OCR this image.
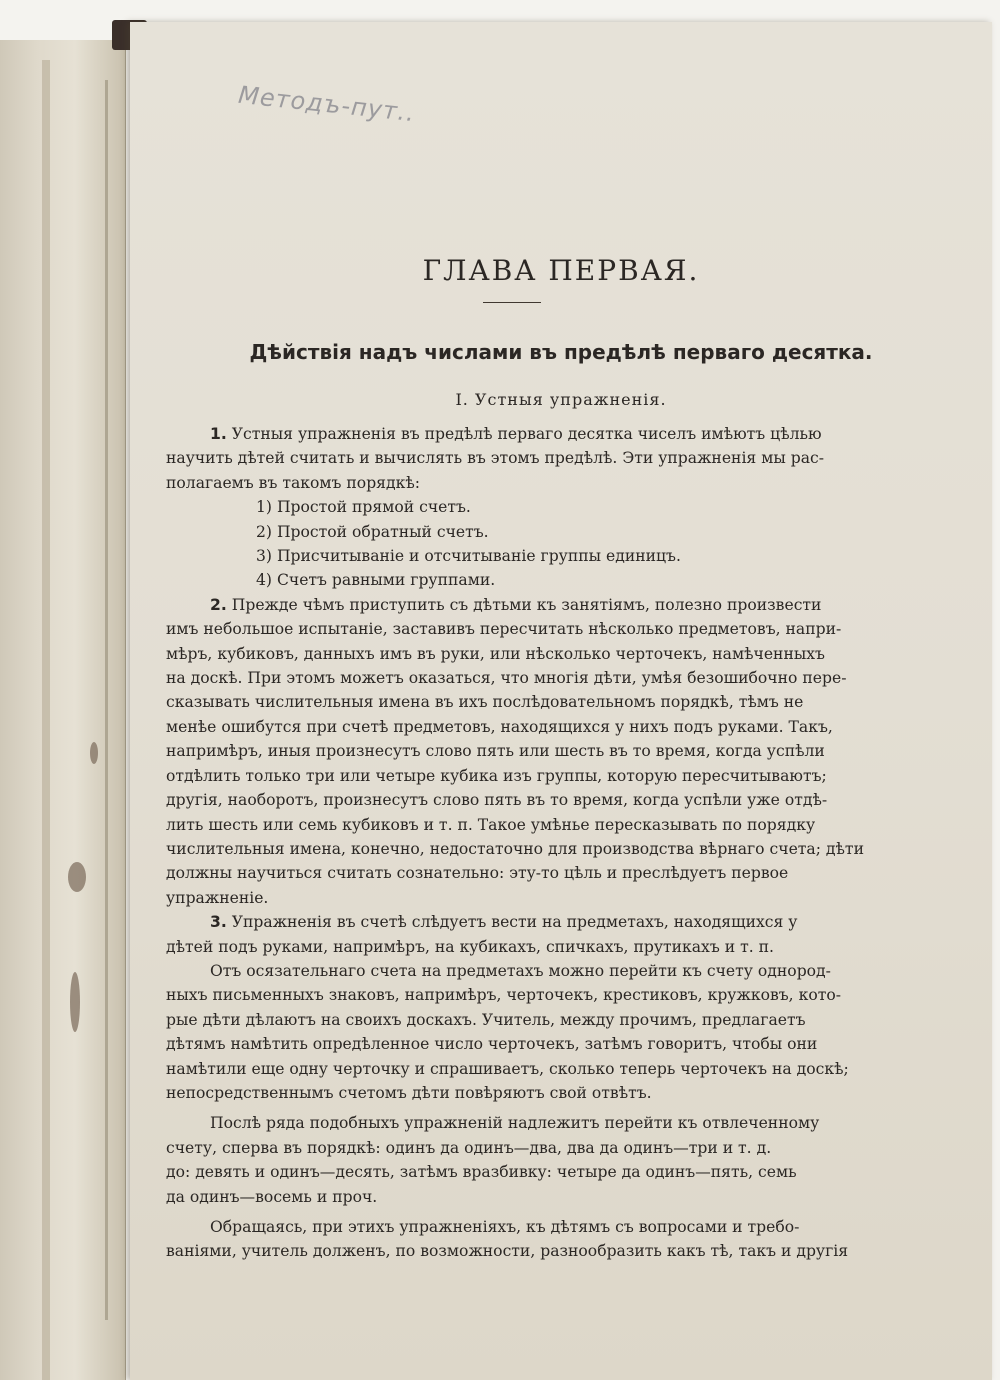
Методъ-пут..
ГЛАВА ПЕРВАЯ.
Дѣйствія надъ числами въ предѣлѣ перваго десятка.
I. Устныя упражненія.
1. Устныя упражненія въ предѣлѣ перваго десятка чиселъ имѣютъ цѣлью
научить дѣтей считать и вычислять въ этомъ предѣлѣ. Эти упражненія мы рас-
полагаемъ въ такомъ порядкѣ:
1) Простой прямой счетъ.
2) Простой обратный счетъ.
3) Присчитываніе и отсчитываніе группы единицъ.
4) Счетъ равными группами.
2. Прежде чѣмъ приступить съ дѣтьми къ занятіямъ, полезно произвести
имъ небольшое испытаніе, заставивъ пересчитать нѣсколько предметовъ, напри-
мѣръ, кубиковъ, данныхъ имъ въ руки, или нѣсколько черточекъ, намѣченныхъ
на доскѣ. При этомъ можетъ оказаться, что многія дѣти, умѣя безошибочно пере-
сказывать числительныя имена въ ихъ послѣдовательномъ порядкѣ, тѣмъ не
менѣе ошибутся при счетѣ предметовъ, находящихся у нихъ подъ руками. Такъ,
напримѣръ, иныя произнесутъ слово пять или шесть въ то время, когда успѣли
отдѣлить только три или четыре кубика изъ группы, которую пересчитываютъ;
другія, наоборотъ, произнесутъ слово пять въ то время, когда успѣли уже отдѣ-
лить шесть или семь кубиковъ и т. п. Такое умѣнье пересказывать по порядку
числительныя имена, конечно, недостаточно для производства вѣрнаго счета; дѣти
должны научиться считать сознательно: эту-то цѣль и преслѣдуетъ первое
упражненіе.
3. Упражненія въ счетѣ слѣдуетъ вести на предметахъ, находящихся у
дѣтей подъ руками, напримѣръ, на кубикахъ, спичкахъ, прутикахъ и т. п.
Отъ осязательнаго счета на предметахъ можно перейти къ счету однород-
ныхъ письменныхъ знаковъ, напримѣръ, черточекъ, крестиковъ, кружковъ, кото-
рые дѣти дѣлаютъ на своихъ доскахъ. Учитель, между прочимъ, предлагаетъ
дѣтямъ намѣтить опредѣленное число черточекъ, затѣмъ говоритъ, чтобы они
намѣтили еще одну черточку и спрашиваетъ, сколько теперь черточекъ на доскѣ;
непосредственнымъ счетомъ дѣти повѣряютъ свой отвѣтъ.
Послѣ ряда подобныхъ упражненій надлежитъ перейти къ отвлеченному
счету, сперва въ порядкѣ: одинъ да одинъ—два, два да одинъ—три и т. д.
до: девять и одинъ—десять, затѣмъ вразбивку: четыре да одинъ—пять, семь
да одинъ—восемь и проч.
Обращаясь, при этихъ упражненіяхъ, къ дѣтямъ съ вопросами и требо-
ваніями, учитель долженъ, по возможности, разнообразить какъ тѣ, такъ и другія
